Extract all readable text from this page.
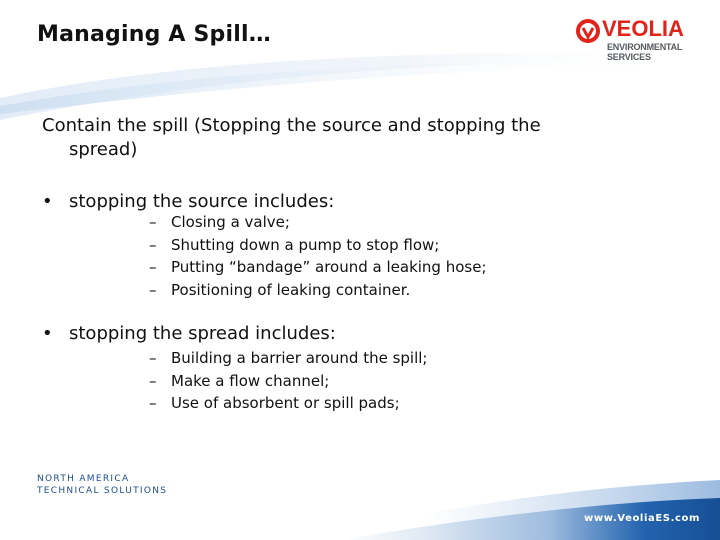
Managing A Spill…	VEOLIA
ENVIRONMENTAL
SERVICES
Contain the spill (Stopping the source and stopping the
spread)
• stopping the source includes:
– Closing a valve;
– Shutting down a pump to stop flow;
– Putting “bandage” around a leaking hose;
– Positioning of leaking container.
• stopping the spread includes:
– Building a barrier around the spill;
– Make a flow channel;
– Use of absorbent or spill pads;
NORTH AMERICA
TECHNICAL SOLUTIONS
www.VeoliaES.com
